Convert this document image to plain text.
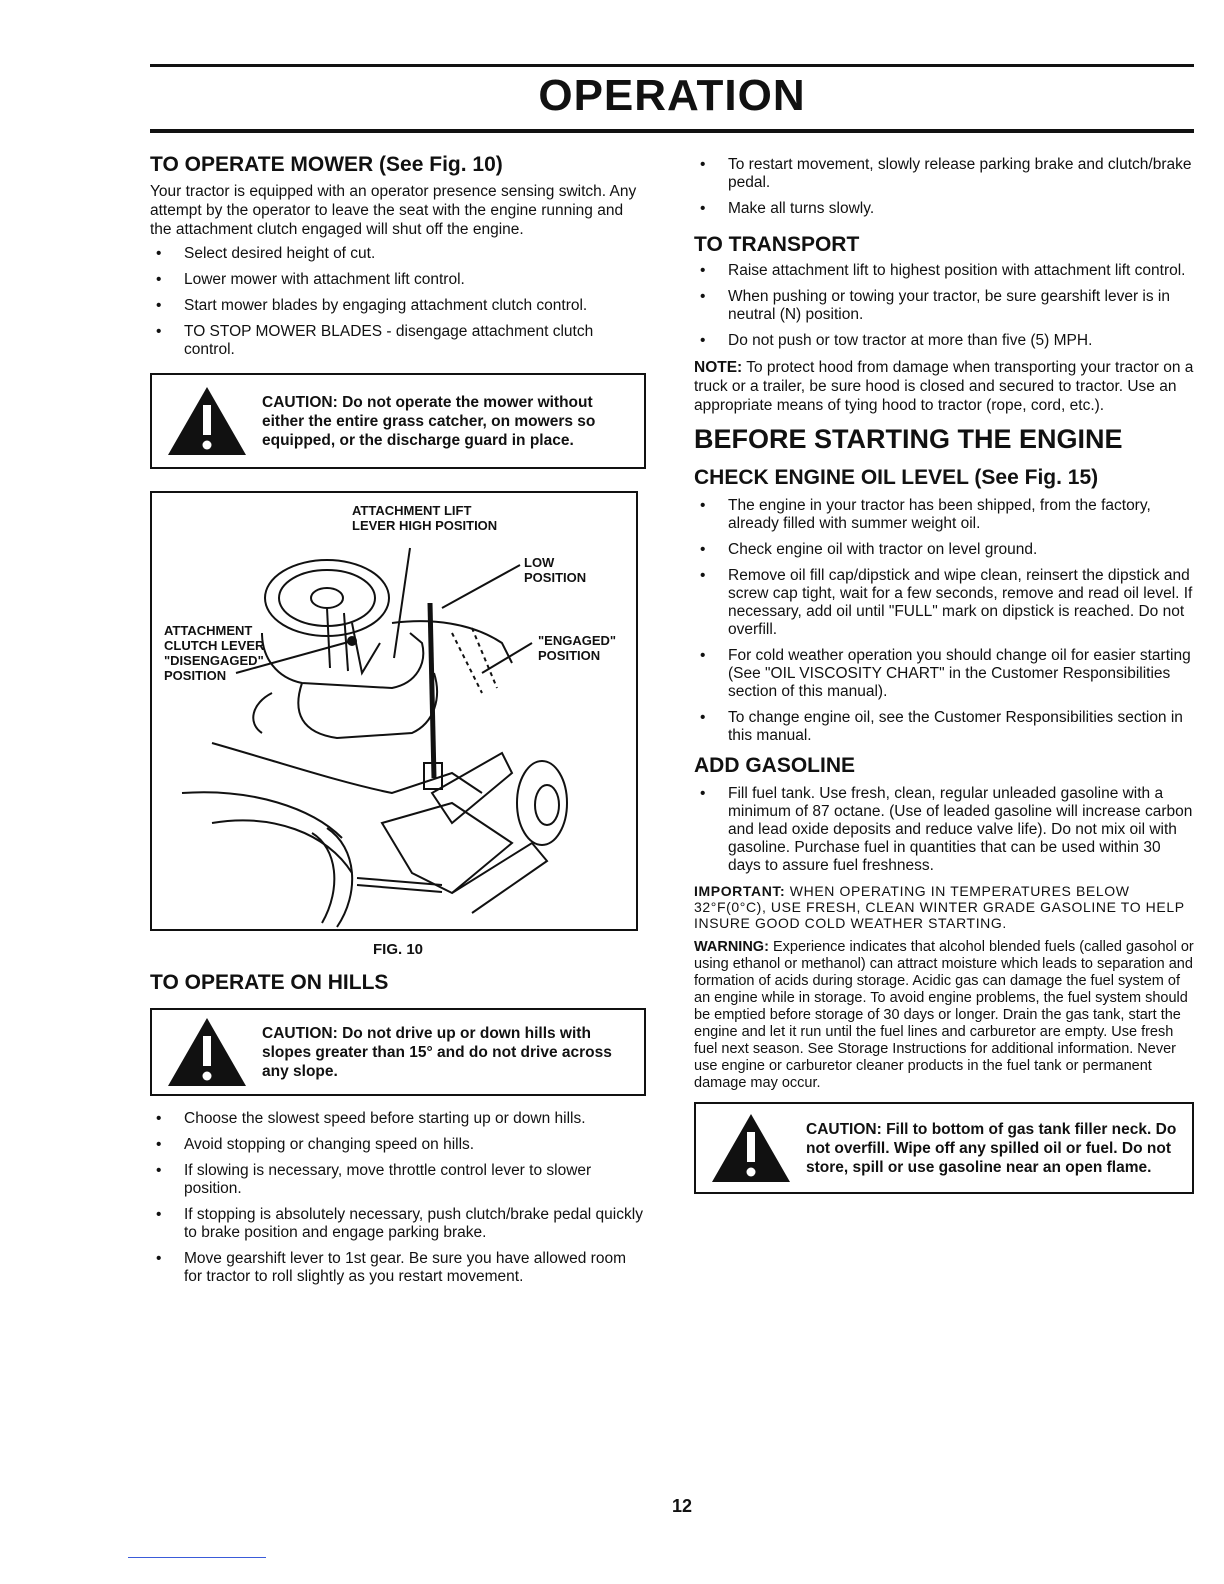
OPERATION
TO OPERATE MOWER (See Fig. 10)

Your tractor is equipped with an operator presence sensing switch. Any attempt by the operator to leave the seat with the engine running and the attachment clutch engaged will shut off the engine.

• Select desired height of cut.
• Lower mower with attachment lift control.
• Start mower blades by engaging attachment clutch control.
• TO STOP MOWER BLADES - disengage attachment clutch control.
CAUTION: Do not operate the mower without either the entire grass catcher, on mowers so equipped, or the discharge guard in place.
ATTACHMENT LIFT
LEVER HIGH POSITION
LOW
POSITION
ATTACHMENT
CLUTCH LEVER
"DISENGAGED"
POSITION
"ENGAGED"
POSITION
FIG. 10
TO OPERATE ON HILLS
CAUTION: Do not drive up or down hills with slopes greater than 15° and do not drive across any slope.
• Choose the slowest speed before starting up or down hills.
• Avoid stopping or changing speed on hills.
• If slowing is necessary, move throttle control lever to slower position.
• If stopping is absolutely necessary, push clutch/brake pedal quickly to brake position and engage parking brake.
• Move gearshift lever to 1st gear. Be sure you have allowed room for tractor to roll slightly as you restart movement.
• To restart movement, slowly release parking brake and clutch/brake pedal.
• Make all turns slowly.
TO TRANSPORT
• Raise attachment lift to highest position with attachment lift control.
• When pushing or towing your tractor, be sure gearshift lever is in neutral (N) position.
• Do not push or tow tractor at more than five (5) MPH.

NOTE: To protect hood from damage when transporting your tractor on a truck or a trailer, be sure hood is closed and secured to tractor. Use an appropriate means of tying hood to tractor (rope, cord, etc.).

BEFORE STARTING THE ENGINE
CHECK ENGINE OIL LEVEL (See Fig. 15)
• The engine in your tractor has been shipped, from the factory, already filled with summer weight oil.
• Check engine oil with tractor on level ground.
• Remove oil fill cap/dipstick and wipe clean, reinsert the dipstick and screw cap tight, wait for a few seconds, remove and read oil level. If necessary, add oil until "FULL" mark on dipstick is reached. Do not overfill.
• For cold weather operation you should change oil for easier starting (See "OIL VISCOSITY CHART" in the Customer Responsibilities section of this manual).
• To change engine oil, see the Customer Responsibilities section in this manual.
ADD GASOLINE
• Fill fuel tank. Use fresh, clean, regular unleaded gasoline with a minimum of 87 octane. (Use of leaded gasoline will increase carbon and lead oxide deposits and reduce valve life). Do not mix oil with gasoline. Purchase fuel in quantities that can be used within 30 days to assure fuel freshness.

IMPORTANT: WHEN OPERATING IN TEMPERATURES BELOW 32°F(0°C), USE FRESH, CLEAN WINTER GRADE GASOLINE TO HELP INSURE GOOD COLD WEATHER STARTING.

WARNING: Experience indicates that alcohol blended fuels (called gasohol or using ethanol or methanol) can attract moisture which leads to separation and formation of acids during storage. Acidic gas can damage the fuel system of an engine while in storage. To avoid engine problems, the fuel system should be emptied before storage of 30 days or longer. Drain the gas tank, start the engine and let it run until the fuel lines and carburetor are empty. Use fresh fuel next season. See Storage Instructions for additional information. Never use engine or carburetor cleaner products in the fuel tank or permanent damage may occur.

CAUTION: Fill to bottom of gas tank filler neck. Do not overfill. Wipe off any spilled oil or fuel. Do not store, spill or use gasoline near an open flame.
12
